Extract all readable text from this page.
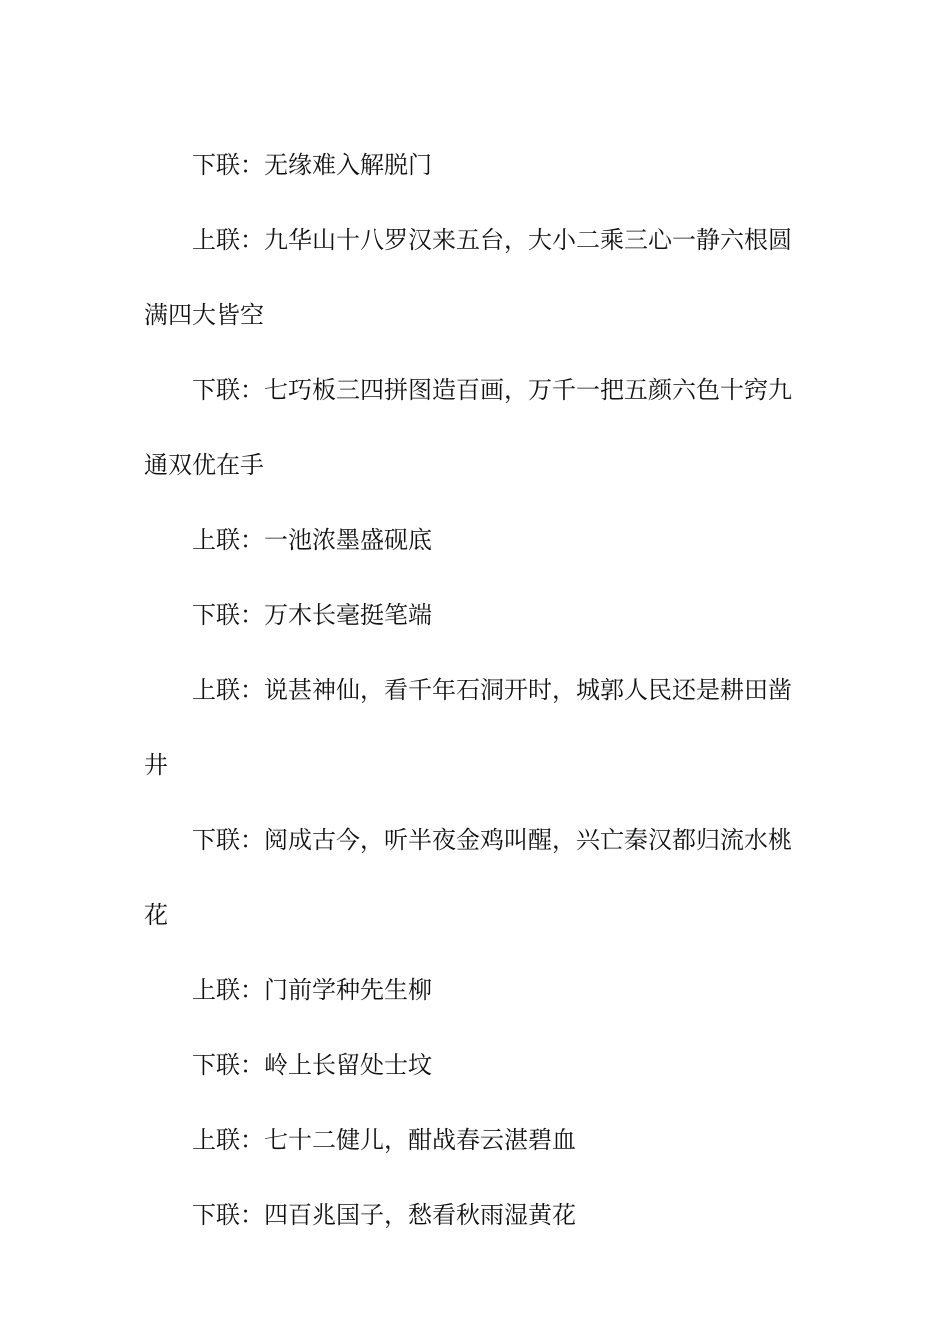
下联：无缘难入解脱门

上联：九华山十八罗汉来五台，大小二乘三心一静六根圆满四大皆空

下联：七巧板三四拼图造百画，万千一把五颜六色十窍九通双优在手

上联：一池浓墨盛砚底

下联：万木长毫挺笔端

上联：说甚神仙，看千年石洞开时，城郭人民还是耕田凿井

下联：阅成古今，听半夜金鸡叫醒，兴亡秦汉都归流水桃花

上联：门前学种先生柳

下联：岭上长留处士坟

上联：七十二健儿，酣战春云湛碧血

下联：四百兆国子，愁看秋雨湿黄花
